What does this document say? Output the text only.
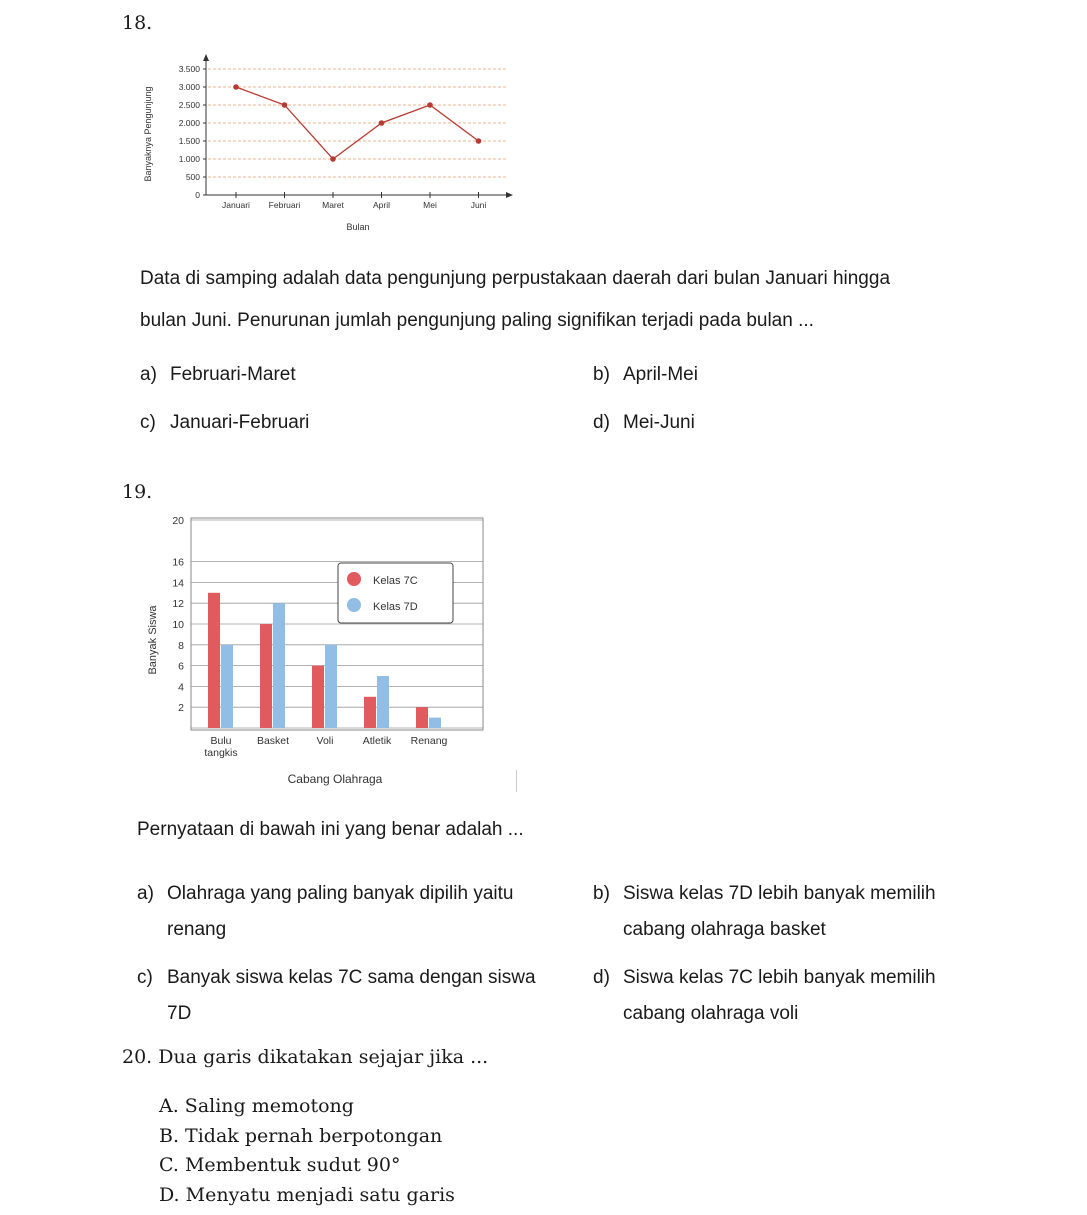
18.
0
500
1.000
1.500
2.000
2.500
3.000
3.500
Januari Februari	Maret	April	Mei	Juni
Bulan
Banyaknya Pengunjung
Data di samping adalah data pengunjung perpustakaan daerah dari bulan Januari hingga
bulan Juni. Penurunan jumlah pengunjung paling signifikan terjadi pada bulan ...
a) Februari-Maret	b) April-Mei
c) Januari-Februari	d) Mei-Juni
19.
2
4
6
8
10
12
14
16
20
Bulu
tangkis
Basket	Voli	Atletik Renang
Kelas 7C
Kelas 7D
Cabang Olahraga
Banyak Siswa
Pernyataan di bawah ini yang benar adalah ...
a) Olahraga yang paling banyak dipilih yaitu
renang
b) Siswa kelas 7D lebih banyak memilih
cabang olahraga basket
c) Banyak siswa kelas 7C sama dengan siswa
7D
d) Siswa kelas 7C lebih banyak memilih
cabang olahraga voli
20. Dua garis dikatakan sejajar jika ...
A. Saling memotong
B. Tidak pernah berpotongan
C. Membentuk sudut 90°
D. Menyatu menjadi satu garis
